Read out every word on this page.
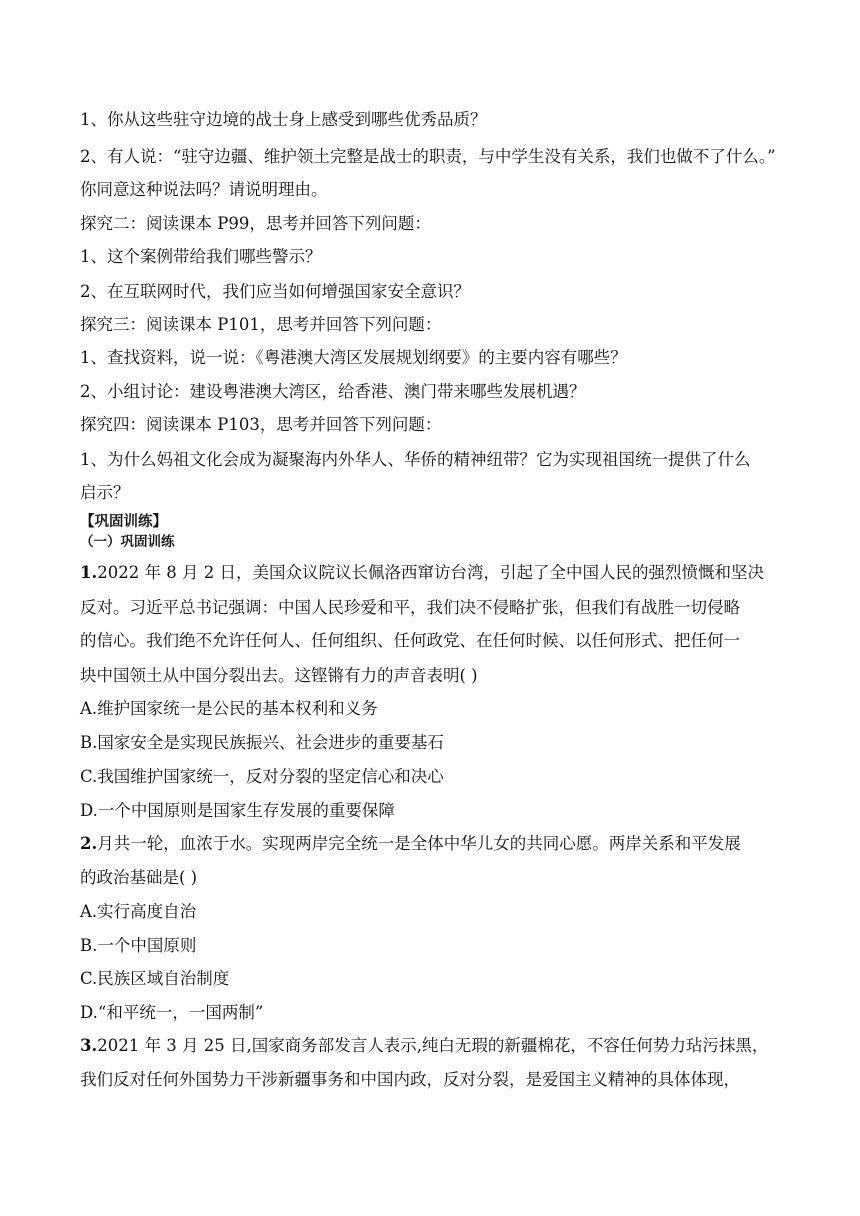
1、你从这些驻守边境的战士身上感受到哪些优秀品质？
2、有人说：“驻守边疆、维护领土完整是战士的职责，与中学生没有关系，我们也做不了什么。”
你同意这种说法吗？请说明理由。
探究二：阅读课本 P99，思考并回答下列问题：
1、这个案例带给我们哪些警示？
2、在互联网时代，我们应当如何增强国家安全意识？
探究三：阅读课本 P101，思考并回答下列问题：
1、查找资料，说一说：《粤港澳大湾区发展规划纲要》的主要内容有哪些？
2、小组讨论：建设粤港澳大湾区，给香港、澳门带来哪些发展机遇？
探究四：阅读课本 P103，思考并回答下列问题：
1、为什么妈祖文化会成为凝聚海内外华人、华侨的精神纽带？它为实现祖国统一提供了什么
启示？
【巩固训练】
（一）巩固训练
1.2022 年 8 月 2 日，美国众议院议长佩洛西窜访台湾，引起了全中国人民的强烈愤慨和坚决
反对。习近平总书记强调：中国人民珍爱和平，我们决不侵略扩张，但我们有战胜一切侵略
的信心。我们绝不允许任何人、任何组织、任何政党、在任何时候、以任何形式、把任何一
块中国领土从中国分裂出去。这铿锵有力的声音表明( )
A.维护国家统一是公民的基本权利和义务
B.国家安全是实现民族振兴、社会进步的重要基石
C.我国维护国家统一，反对分裂的坚定信心和决心
D.一个中国原则是国家生存发展的重要保障
2.月共一轮，血浓于水。实现两岸完全统一是全体中华儿女的共同心愿。两岸关系和平发展
的政治基础是( )
A.实行高度自治
B.一个中国原则
C.民族区域自治制度
D.“和平统一，一国两制”
3.2021 年 3 月 25 日,国家商务部发言人表示,纯白无瑕的新疆棉花，不容任何势力玷污抹黑，
我们反对任何外国势力干涉新疆事务和中国内政，反对分裂，是爱国主义精神的具体体现，
